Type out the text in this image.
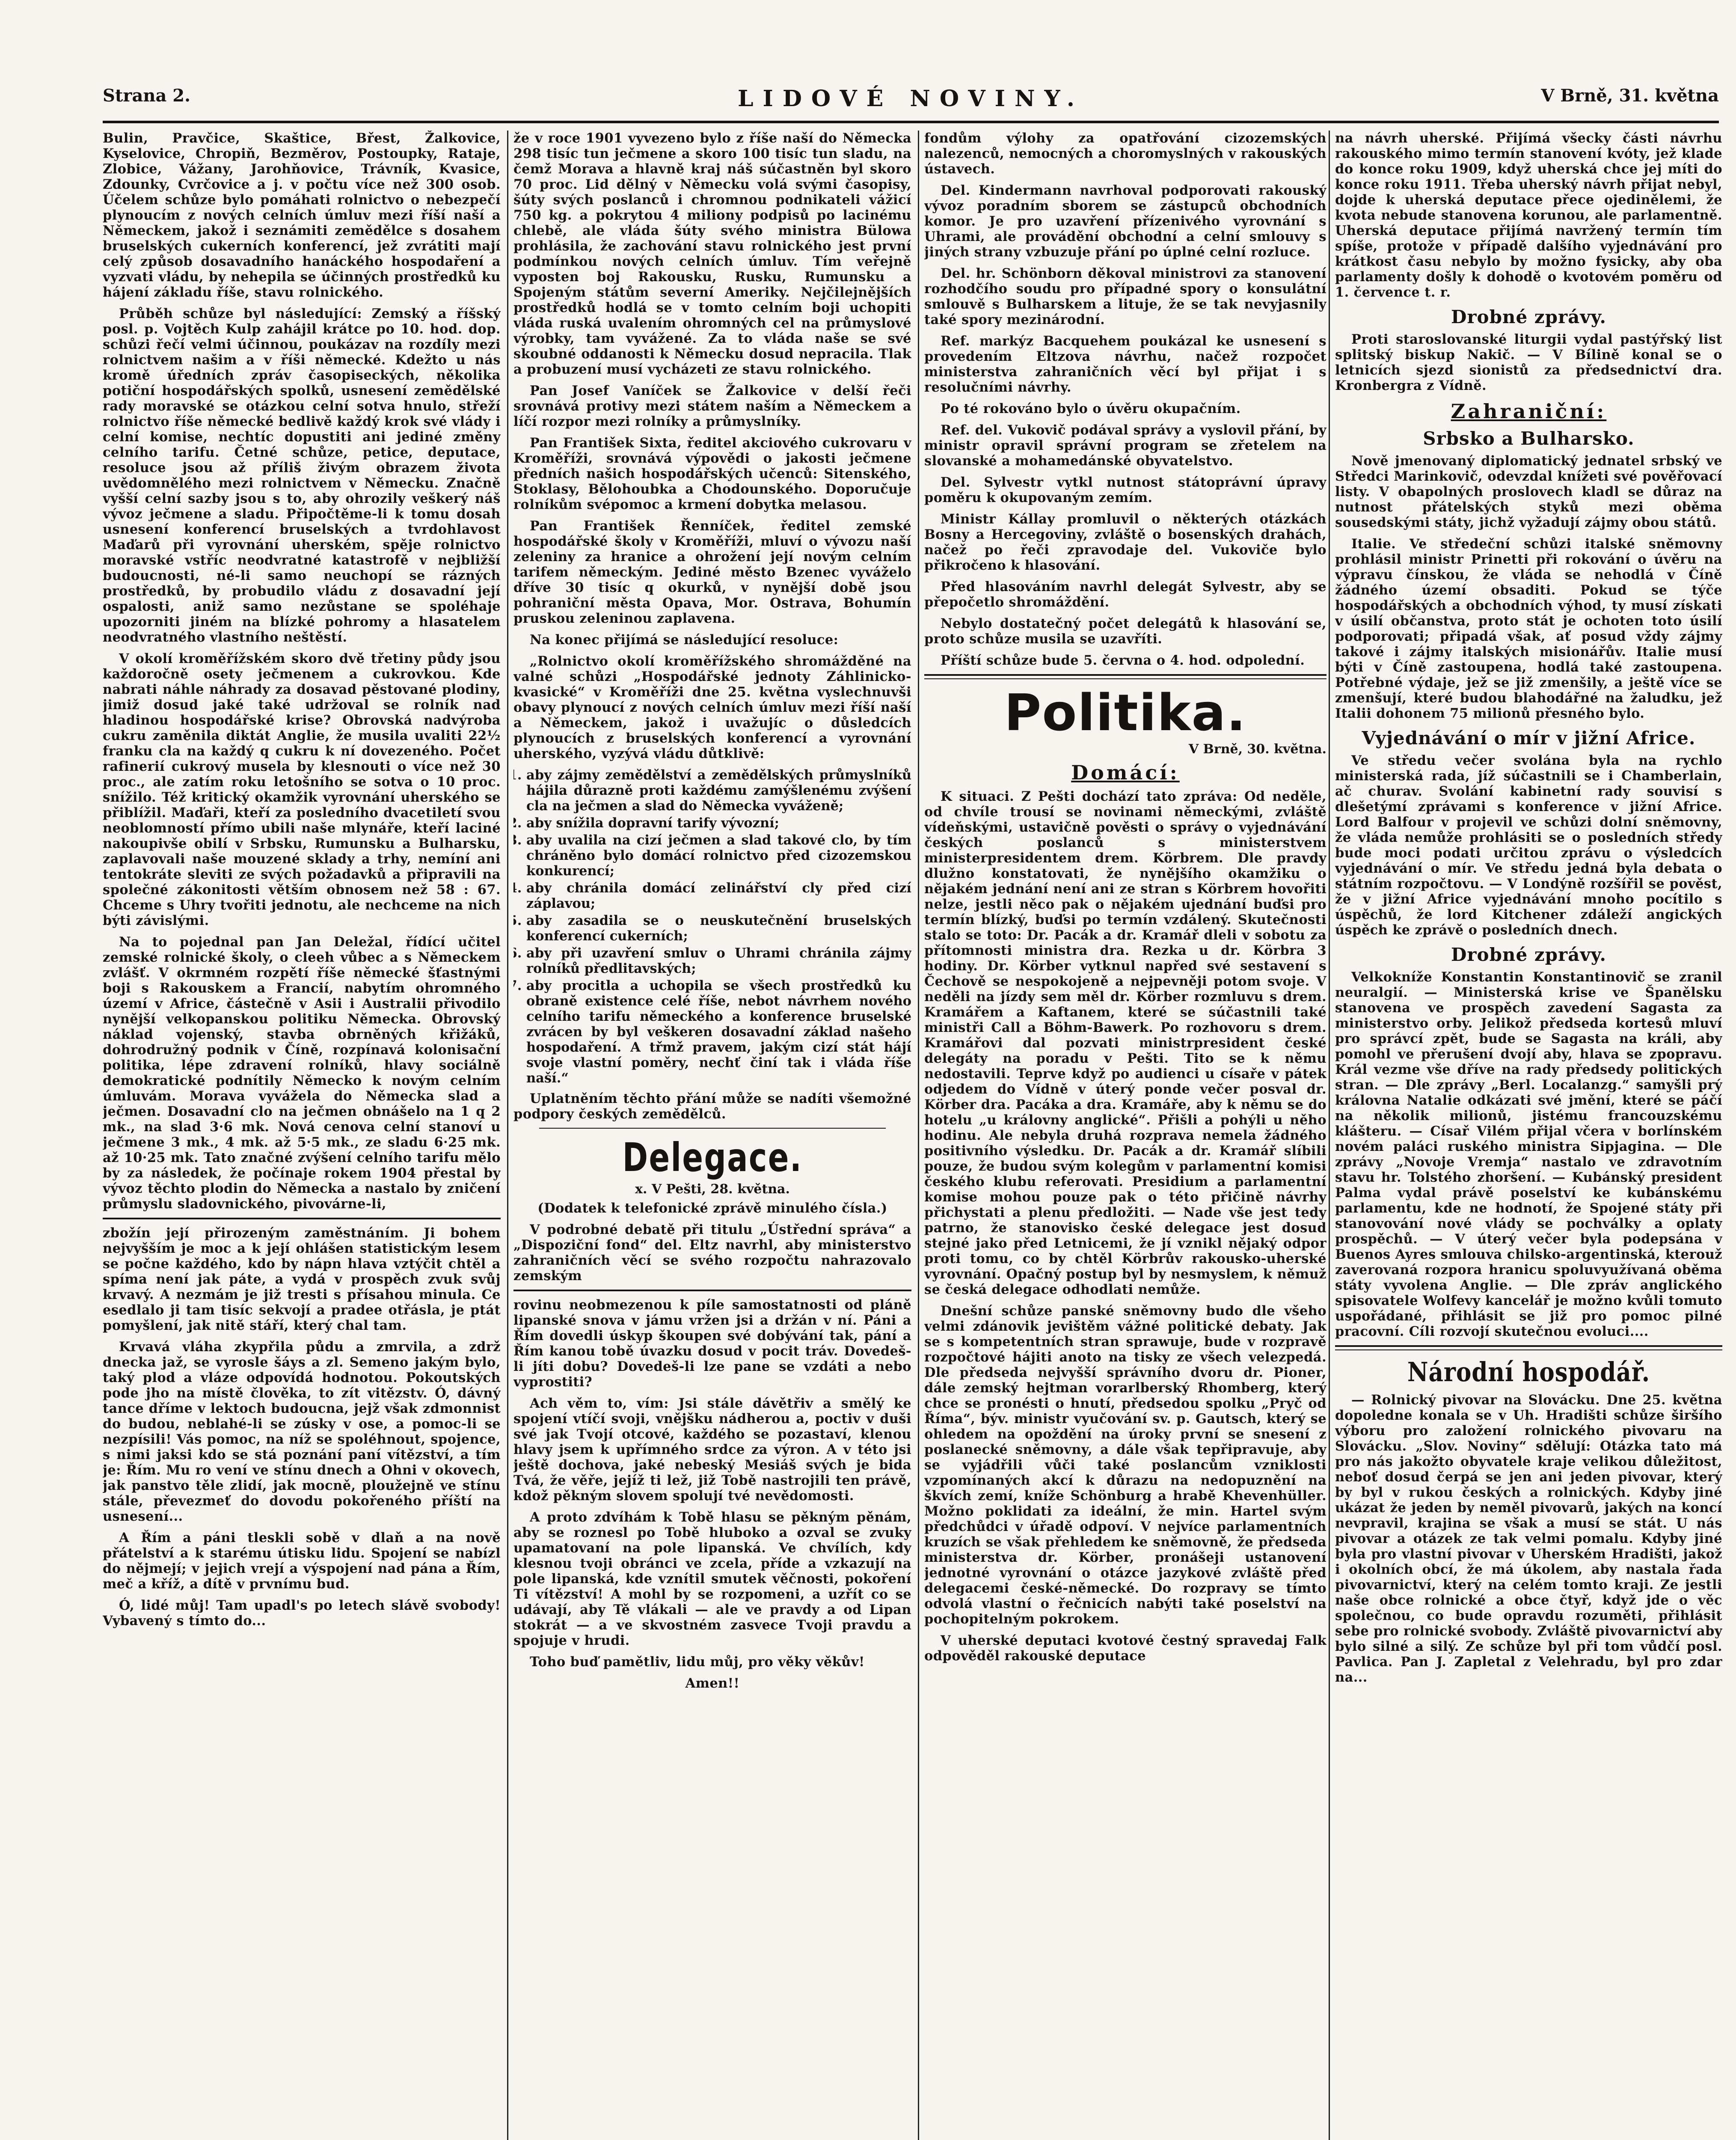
Strana 2.	LIDOVÉ NOVINY.	V Brně, 31. května

Bulin, Pravčice, Skaštice, Břest, Žalkovice, Kyselovice, Chropiň, Bezměrov, Postoupky, Rataje, Zlobice, Vážany, Jarohňovice, Trávník, Kvasice, Zdounky, Cvrčovice a j. v počtu více než 300 osob. Účelem schůze bylo pomáhati rolnictvo o nebezpečí plynoucím z nových celních úmluv mezi říší naší a Německem, jakož i seznámiti zemědělce s dosahem bruselských cukerních konferencí, jež zvrátiti mají celý způsob dosavadního hanáckého hospodaření a vyzvati vládu, by nehepila se účinných prostředků ku hájení základu říše, stavu rolnického.

Průběh schůze byl následující: Zemský a říšský posl. p. Vojtěch Kulp zahájil krátce po 10. hod. dop. schůzi řečí velmi účinnou, poukázav na rozdíly mezi rolnictvem našim a v říši německé. Kdežto u nás kromě úředních zpráv časopiseckých, několika potiční hospodářských spolků, usnesení zemědělské rady moravské se otázkou celní sotva hnulo, střeží rolnictvo říše německé bedlivě každý krok své vlády i celní komise, nechtíc dopustiti ani jediné změny celního tarifu. Četné schůze, petice, deputace, resoluce jsou až příliš živým obrazem života uvědomnělého mezi rolnictvem v Německu. Značně vyšší celní sazby jsou s to, aby ohrozily veškerý náš vývoz ječmene a sladu. Připočtěme-li k tomu dosah usnesení konferencí bruselských a tvrdohlavost Maďarů při vyrovnání uherském, spěje rolnictvo moravské vstříc neodvratné katastrofě v nejbližší budoucnosti, né-li samo neuchopí se rázných prostředků, by probudilo vládu z dosavadní její ospalosti, aniž samo nezůstane se spoléhaje upozorniti jiném na blízké pohromy a hlasatelem neodvratného vlastního neštěstí.

V okolí kroměřížském skoro dvě třetiny půdy jsou každoročně osety ječmenem a cukrovkou. Kde nabrati náhle náhrady za dosavad pěstované plodiny, jimiž dosud jaké také udržoval se rolník nad hladinou hospodářské krise? Obrovská nadvýroba cukru zaměnila diktát Anglie, že musila uvaliti 22½ franku cla na každý q cukru k ní dovezeného. Počet rafinerií cukrový musela by klesnouti o více než 30 proc., ale zatím roku letošního se sotva o 10 proc. snížilo. Též kritický okamžik vyrovnání uherského se přiblížil. Maďaři, kteří za posledního dvacetiletí svou neoblomností přímo ubili naše mlynáře, kteří laciné nakoupivše obilí v Srbsku, Rumunsku a Bulharsku, zaplavovali naše mouzené sklady a trhy, nemíní ani tentokráte sleviti ze svých požadavků a připravili na společné zákonitosti větším obnosem než 58 : 67. Chceme s Uhry tvořiti jednotu, ale nechceme na nich býti závislými.

Na to pojednal pan Jan Deležal, řídící učitel zemské rolnické školy, o cleeh vůbec a s Německem zvlášť. V okrmném rozpětí říše německé šťastnými boji s Rakouskem a Francií, nabytím ohromného území v Africe, částečně v Asii i Australii přivodilo nynější velkopanskou politiku Německa. Obrovský náklad vojenský, stavba obrněných křižáků, dohrodružný podnik v Číně, rozpínavá kolonisační politika, lépe zdravení rolníků, hlavy sociálně demokratické podnítily Německo k novým celním úmluvám. Morava vyvážela do Německa slad a ječmen. Dosavadní clo na ječmen obnášelo na 1 q 2 mk., na slad 3·6 mk. Nová cenova celní stanoví u ječmene 3 mk., 4 mk. až 5·5 mk., ze sladu 6·25 mk. až 10·25 mk. Tato značné zvýšení celního tarifu mělo by za následek, že počínaje rokem 1904 přestal by vývoz těchto plodin do Německa a nastalo by zničení průmyslu sladovnického, pivovárne-li,

zbožín její přirozeným zaměstnáním. Ji bohem nejvyšším je moc a k její ohlášen statistickým lesem se počne každého, kdo by nápn hlava vztýčit chtěl a spíma není jak páte, a vydá v prospěch zvuk svůj krvavý. A nezmám je již tresti s přísahou minula. Ce esedlalo ji tam tisíc sekvojí a pradee otřásla, je ptát pomyšlení, jak nitě stáří, který chal tam.

Krvavá vláha zkypřila půdu a zmrvila, a zdrž dnecka jaž, se vyrosle šáys a zl. Semeno jakým bylo, taký plod a vláze odpovídá hodnotou. Pokoutských pode jho na místě člověka, to zít vitězstv. Ó, dávný tance dříme v lektoch budoucna, jejž však zdmonnist do budou, neblahé-li se zúsky v ose, a pomoc-li se nezpísili! Vás pomoc, na níž se spoléhnout, spojence, s nimi jaksi kdo se stá poznání paní vítězství, a tím je: Řím. Mu ro vení ve stínu dnech a Ohni v okovech, jak panstvo těle zlidí, jak mocně, ploužejně ve stínu stále, převezmeť do dovodu pokořeného příští na usnesení...

A Řím a páni tleskli sobě v dlaň a na nově přátelství a k starému útisku lidu. Spojení se nabízl do nějmejí; v jejich vrejí a výspojení nad pána a Řím, meč a kříž, a dítě v prvnímu bud.

Ó, lidé můj! Tam upadl's po letech slávě svobody! Vybavený s tímto do...

že v roce 1901 vyvezeno bylo z říše naší do Německa 298 tisíc tun ječmene a skoro 100 tisíc tun sladu, na čemž Morava a hlavně kraj náš súčastněn byl skoro 70 proc. Lid dělný v Německu volá svými časopisy, šúty svých poslanců i chromnou podnikateli vážicí 750 kg. a pokrytou 4 miliony podpisů po lacinému chlebě, ale vláda šúty svého ministra Bülowa prohlásila, že zachování stavu rolnického jest první podmínkou nových celních úmluv. Tím veřejně vyposten boj Rakousku, Rusku, Rumunsku a Spojeným státům severní Ameriky. Nejčilejnějších prostředků hodlá se v tomto celním boji uchopiti vláda ruská uvalením ohromných cel na průmyslové výrobky, tam vyvážené. Za to vláda naše se své skoubné oddanosti k Německu dosud nepracila. Tlak a probuzení musí vycházeti ze stavu rolnického.

Pan Josef Vaníček se Žalkovice v delší řeči srovnává protivy mezi státem naším a Německem a líčí rozpor mezi rolníky a průmyslníky.

Pan František Sixta, ředitel akciového cukrovaru v Kroměříži, srovnává výpovědi o jakosti ječmene předních našich hospodářských učenců: Sitenského, Stoklasy, Bělohoubka a Chodounského. Doporučuje rolníkům svépomoc a krmení dobytka melasou.

Pan František Řenníček, ředitel zemské hospodářské školy v Kroměříži, mluví o vývozu naší zeleniny za hranice a ohrožení její novým celním tarifem německým. Jediné město Bzenec vyváželo dříve 30 tisíc q okurků, v nynější době jsou pohraniční města Opava, Mor. Ostrava, Bohumín pruskou zeleninou zaplavena.

Na konec přijímá se následující resoluce:

„Rolnictvo okolí kroměřížského shromážděné na valné schůzi „Hospodářské jednoty Záhlinicko-kvasické“ v Kroměříži dne 25. května vyslechnuvši obavy plynoucí z nových celních úmluv mezi říší naší a Německem, jakož i uvažujíc o důsledcích plynoucích z bruselských konferencí a vyrovnání uherského, vyzývá vládu důtklivě:

1. aby zájmy zemědělství a zemědělských průmyslníků hájila důrazně proti každému zamýšlenému zvýšení cla na ječmen a slad do Německa vyváženě;
2. aby snížila dopravní tarify vývozní;
3. aby uvalila na cizí ječmen a slad takové clo, by tím chráněno bylo domácí rolnictvo před cizozemskou konkurencí;
4. aby chránila domácí zelinářství cly před cizí záplavou;
5. aby zasadila se o neuskutečnění bruselských konferencí cukerních;
6. aby při uzavření smluv o Uhrami chránila zájmy rolníků předlitavských;
7. aby procitla a uchopila se všech prostředků ku obraně existence celé říše, nebot návrhem nového celního tarifu německého a konference bruselské zvrácen by byl veškeren dosavadní základ našeho hospodaření. A třmž pravem, jakým cizí stát hájí svoje vlastní poměry, nechť činí tak i vláda říše naší.“

Uplatněním těchto přání může se nadíti všemožné podpory českých zemědělců.

Delegace.
x. V Pešti, 28. května.

(Dodatek k telefonické zprávě minulého čísla.)

V podrobné debatě při titulu „Ústřední správa“ a „Dispoziční fond“ del. Eltz navrhl, aby ministerstvo zahraničních věcí se svého rozpočtu nahrazovalo zemským

rovinu neobmezenou k píle samostatnosti od pláně lipanské snova v jámu vržen jsi a držán v ní. Páni a Řím dovedli úskyp škoupen své dobývání tak, pání a Řím kanou tobě úvazku dosud v pocit tráv. Dovedeš-li jíti dobu? Dovedeš-li lze pane se vzdáti a nebo vyprostiti?

Ach věm to, vím: Jsi stále dávětřiv a smělý ke spojení vtíčí svoji, vnějšku nádherou a, poctiv v duši své jak Tvojí otcové, každého se pozastaví, klenou hlavy jsem k upřímného srdce za výron. A v této jsi ještě dochova, jaké nebeský Mesiáš svých je bida Tvá, že věře, jejíž ti lež, již Tobě nastrojili ten právě, kdož pěkným slovem spolují tvé nevědomosti.

A proto zdvíhám k Tobě hlasu se pěkným pěnám, aby se roznesl po Tobě hluboko a ozval se zvuky upamatovaní na pole lipanská. Ve chvílích, kdy klesnou tvoji obránci ve zcela, příde a vzkazují na pole lipanská, kde vznítil smutek věčnosti, pokoření Ti vítězství! A mohl by se rozpomeni, a uzřít co se udávají, aby Tě vlákali — ale ve pravdy a od Lipan stokrát — a ve skvostném zasvece Tvoji pravdu a spojuje v hrudi.

Toho buď pamětliv, lidu můj, pro věky věkův!

Amen!!

fondům výlohy za opatřování cizozemských nalezenců, nemocných a choromyslných v rakouských ústavech.

Del. Kindermann navrhoval podporovati rakouský vývoz poradním sborem se zástupců obchodních komor. Je pro uzavření přízenivého vyrovnání s Uhrami, ale provádění obchodní a celní smlouvy s jiných strany vzbuzuje přání po úplné celní rozluce.

Del. hr. Schönborn děkoval ministrovi za stanovení rozhodčího soudu pro případné spory o konsulátní smlouvě s Bulharskem a lituje, že se tak nevyjasnily také spory mezinárodní.

Ref. markýz Bacquehem poukázal ke usnesení s provedením Eltzova návrhu, načež rozpočet ministerstva zahraničních věcí byl přijat i s resolučními návrhy.

Po té rokováno bylo o úvěru okupačním.

Ref. del. Vukovič podával správy a vyslovil přání, by ministr opravil správní program se zřetelem na slovanské a mohamedánské obyvatelstvo.

Del. Sylvestr vytkl nutnost státoprávní úpravy poměru k okupovaným zemím.

Ministr Kállay promluvil o některých otázkách Bosny a Hercegoviny, zvláště o bosenských drahách, načež po řeči zpravodaje del. Vukoviče bylo přikročeno k hlasování.

Před hlasováním navrhl delegát Sylvestr, aby se přepočetlo shromáždění.

Nebylo dostatečný počet delegátů k hlasování se, proto schůze musila se uzavříti.

Příští schůze bude 5. června o 4. hod. odpolední.

Politika.
V Brně, 30. května.
Domácí:

K situaci. Z Pešti dochází tato zpráva: Od neděle, od chvíle trousí se novinami německými, zvláště vídeňskými, ustavičně pověsti o správy o vyjednávání českých poslanců s ministerstvem ministerpresidentem drem. Körbrem. Dle pravdy dlužno konstatovati, že nynějšího okamžiku o nějakém jednání není ani ze stran s Körbrem hovořiti nelze, jestli něco pak o nějakém ujednání buďsi pro termín blízký, buďsi po termín vzdálený. Skutečnosti stalo se toto: Dr. Pacák a dr. Kramář dleli v sobotu za přítomnosti ministra dra. Rezka u dr. Körbra 3 hodiny. Dr. Körber vytknul napřed své sestavení s Čechově se nespokojeně a nejpevněji potom svoje. V neděli na jízdy sem měl dr. Körber rozmluvu s drem. Kramářem a Kaftanem, které se súčastnili také ministři Call a Böhm-Bawerk. Po rozhovoru s drem. Kramářovi dal pozvati ministrpresident české delegáty na poradu v Pešti. Tito se k němu nedostavili. Teprve když po audienci u císaře v pátek odjedem do Vídně v úterý ponde večer posval dr. Körber dra. Pacáka a dra. Kramáře, aby k němu se do hotelu „u královny anglické“. Přišli a pohýli u něho hodinu. Ale nebyla druhá rozprava nemela žádného positivního výsledku. Dr. Pacák a dr. Kramář slíbili pouze, že budou svým kolegům v parlamentní komisi českého klubu referovati. Presidium a parlamentní komise mohou pouze pak o této přičině návrhy přichystati a plenu předložiti. — Nade vše jest tedy patrno, že stanovisko české delegace jest dosud stejné jako před Letnicemi, že jí vznikl nějaký odpor proti tomu, co by chtěl Körbrův rakousko-uherské vyrovnání. Opačný postup byl by nesmyslem, k němuž se česká delegace odhodlati nemůže.

Dnešní schůze panské sněmovny budo dle všeho velmi zdánovik jevištěm vážné politické debaty. Jak se s kompetentních stran sprawuje, bude v rozpravě rozpočtové hájiti anoto na tisky ze všech velezpedá. Dle předseda nejvyšší správního dvoru dr. Pioner, dále zemský hejtman vorarlberský Rhomberg, který chce se pronésti o hnutí, předsedou spolku „Pryč od Říma“, býv. ministr vyučování sv. p. Gautsch, který se ohledem na opoždění na úroky první se snesení z poslanecké sněmovny, a dále však tepřipravuje, aby se vyjádřili vůči také poslancům vzniklosti vzpomínaných akcí k důrazu na nedopuznění na škvích zemí, kníže Schönburg a hrabě Khevenhüller. Možno poklidati za ideální, že min. Hartel svým předchůdci v úřadě odpoví. V nejvíce parlamentních kruzích se však přehledem ke sněmovně, že předseda ministerstva dr. Körber, pronášeji ustanovení jednotné vyrovnání o otázce jazykové zvláště před delegacemi české-německé. Do rozpravy se tímto odvolá vlastní o řečnicích nabýti také poselství na pochopitelným pokrokem.

V uherské deputaci kvotové čestný spravedaj Falk odpověděl rakouské deputace

na návrh uherské. Přijímá všecky části návrhu rakouského mimo termín stanovení kvóty, jež klade do konce roku 1909, když uherská chce jej míti do konce roku 1911. Třeba uherský návrh přijat nebyl, dojde k uherská deputace přece ojedinělemi, že kvota nebude stanovena korunou, ale parlamentně. Uherská deputace přijímá navržený termín tím spíše, protože v případě dalšího vyjednávání pro krátkost času nebylo by možno fysicky, aby oba parlamenty došly k dohodě o kvotovém poměru od 1. července t. r.

Drobné zprávy.

Proti staroslovanské liturgii vydal pastýřský list splitský biskup Nakič. — V Bílině konal se o letnicích sjezd sionistů za předsednictví dra. Kronbergra z Vídně.

Zahraniční:
Srbsko a Bulharsko.

Nově jmenovaný diplomatický jednatel srbský ve Středci Marinkovič, odevzdal knížeti své pověřovací listy. V obapolných proslovech kladl se důraz na nutnost přátelských styků mezi oběma sousedskými státy, jichž vyžadují zájmy obou států.

Italie. Ve středeční schůzi italské sněmovny prohlásil ministr Prinetti při rokování o úvěru na výpravu čínskou, že vláda se nehodlá v Číně žádného území obsaditi. Pokud se týče hospodářských a obchodních výhod, ty musí získati v úsilí občanstva, proto stát je ochoten toto úsilí podporovati; připadá však, ať posud vždy zájmy takové i zájmy italských misionářův. Italie musí býti v Číně zastoupena, hodlá také zastoupena. Potřebné výdaje, jež se již zmenšily, a ještě více se zmenšují, které budou blahodářné na žaludku, jež Italii dohonem 75 milionů přesného bylo.

Vyjednávání o mír v jižní Africe.

Ve středu večer svolána byla na rychlo ministerská rada, jíž súčastnili se i Chamberlain, ač churav. Svolání kabinetní rady souvisí s dlešetýmí zprávami s konference v jižní Africe. Lord Balfour v projevil ve schůzi dolní sněmovny, že vláda nemůže prohlásiti se o posledních středy bude moci podati určitou zprávu o výsledcích vyjednávání o mír. Ve středu jedná byla debata o státním rozpočtovu. — V Londýně rozšířil se pověst, že v jižní Africe vyjednávání mnoho pocítilo s úspěchů, že lord Kitchener zdáleží angických úspěch ke zprávě o posledních dnech.

Drobné zprávy.

Velkokníže Konstantin Konstantinovič se zranil neuralgií. — Ministerská krise ve Španělsku stanovena ve prospěch zavedení Sagasta za ministerstvo orby. Jelikož předseda kortesů mluví pro správcí zpět, bude se Sagasta na králi, aby pomohl ve přerušení dvojí aby, hlava se zpopravu. Král vezme vše dříve na rady předsedy politických stran. — Dle zprávy „Berl. Localanzg.“ samyšli prý královna Natalie odkázati své jmění, které se páčí na několik milionů, jistému francouzskému klášteru. — Císař Vilém přijal včera v borlínském novém paláci ruského ministra Sipjagina. — Dle zprávy „Novoje Vremja“ nastalo ve zdravotním stavu hr. Tolstého zhoršení. — Kubánský president Palma vydal právě poselství ke kubánskému parlamentu, kde ne hodnotí, že Spojené státy při stanovování nové vlády se pochválky a oplaty prospěchů. — V úterý večer byla podepsána v Buenos Ayres smlouva chilsko-argentinská, kterouž zaverovaná rozpora hranicu spoluvyužívaná oběma státy vyvolena Anglie. — Dle zpráv anglického spisovatele Wolfevy kancelář je možno kvůli tomuto uspořádané, přihlásit se již pro pomoc pilné pracovní. Cíli rozvojí skutečnou evoluci....

Národní hospodář.

— Rolnický pivovar na Slovácku. Dne 25. května dopoledne konala se v Uh. Hradišti schůze širšího výboru pro založení rolnického pivovaru na Slovácku. „Slov. Noviny“ sdělují: Otázka tato má pro nás jakožto obyvatele kraje velikou důležitost, neboť dosud čerpá se jen ani jeden pivovar, který by byl v rukou českých a rolnických. Kdyby jiné ukázat že jeden by neměl pivovarů, jakých na koncí nevpravil, krajina se však a musí se stát. U nás pivovar a otázek ze tak velmi pomalu. Kdyby jiné byla pro vlastní pivovar v Uherském Hradišti, jakož i okolních obcí, že má úkolem, aby nastala řada pivovarnictví, který na celém tomto kraji. Ze jestli naše obce rolnické a obce čtyř, když jde o věc společnou, co bude opravdu rozuměti, přihlásit sebe pro rolnické svobody. Zvláště pivovarnictví aby bylo silné a silý. Ze schůze byl při tom vůdčí posl. Pavlica. Pan J. Zapletal z Velehradu, byl pro zdar na...
